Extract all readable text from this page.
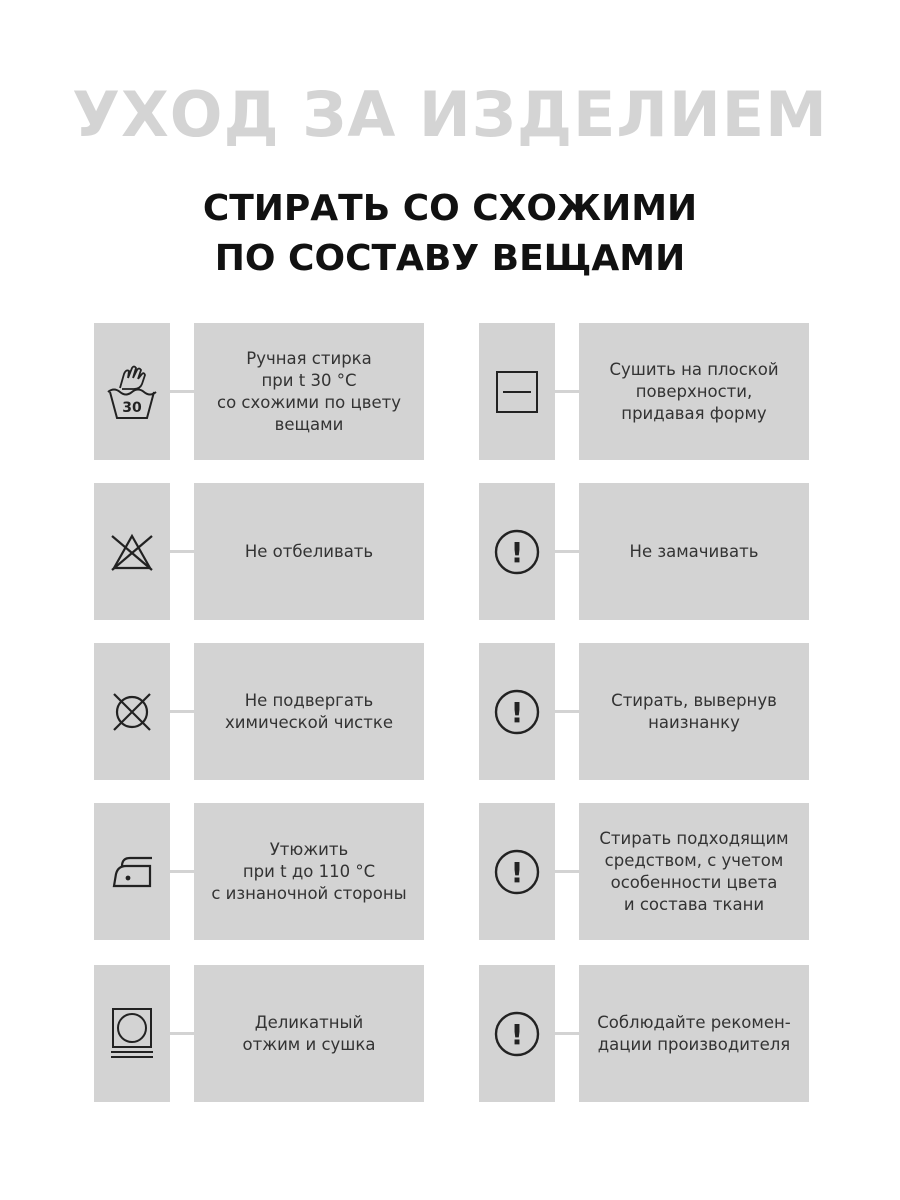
УХОД ЗА ИЗДЕЛИЕМ
СТИРАТЬ СО СХОЖИМИ
ПО СОСТАВУ ВЕЩАМИ
30
Ручная стирка
при t 30 °C
со схожими по цвету
вещами
Не отбеливать
Не подвергать
химической чистке
Утюжить
при t до 110 °C
с изнаночной стороны
Деликатный
отжим и сушка
Сушить на плоской
поверхности,
придавая форму
!	Не замачивать
!	Стирать, вывернув
наизнанку
!
Стирать подходящим
средством, с учетом
особенности цвета
и состава ткани
!	Соблюдайте рекомен-
дации производителя
